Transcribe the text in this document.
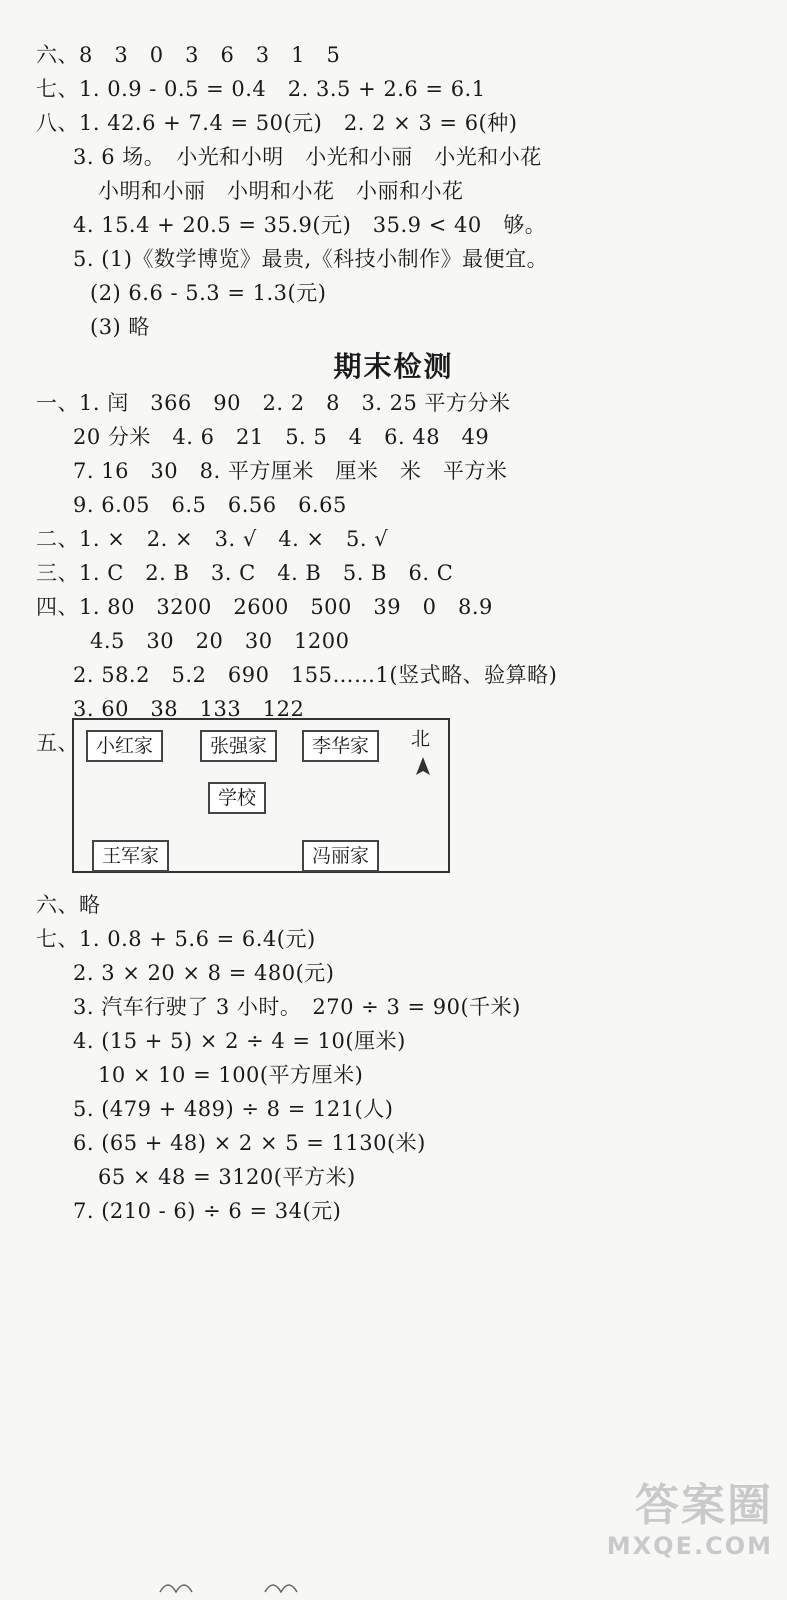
六、8　3　0　3　6　3　1　5
七、1. 0.9 - 0.5 = 0.4　2. 3.5 + 2.6 = 6.1
八、1. 42.6 + 7.4 = 50(元)　2. 2 × 3 = 6(种)
3. 6 场。　小光和小明　小光和小丽　小光和小花
小明和小丽　小明和小花　小丽和小花
4. 15.4 + 20.5 = 35.9(元)　35.9 < 40　够。
5. (1)《数学博览》最贵,《科技小制作》最便宜。
(2) 6.6 - 5.3 = 1.3(元)
(3) 略
期末检测
一、1. 闰　366　90　2. 2　8　3. 25 平方分米
20 分米　4. 6　21　5. 5　4　6. 48　49
7. 16　30　8. 平方厘米　厘米　米　平方米
9. 6.05　6.5　6.56　6.65
二、1. ×　2. ×　3. √　4. ×　5. √
三、1. C　2. B　3. C　4. B　5. B　6. C
四、1. 80　3200　2600　500　39　0　8.9
4.5　30　20　30　1200
2. 58.2　5.2　690　155……1(竖式略、验算略)
3. 60　38　133　122
五、 小红家	张强家	李华家
学校
王军家	冯丽家
北
六、略
七、1. 0.8 + 5.6 = 6.4(元)
2. 3 × 20 × 8 = 480(元)
3. 汽车行驶了 3 小时。　270 ÷ 3 = 90(千米)
4. (15 + 5) × 2 ÷ 4 = 10(厘米)
10 × 10 = 100(平方厘米)
5. (479 + 489) ÷ 8 = 121(人)
6. (65 + 48) × 2 × 5 = 1130(米)
65 × 48 = 3120(平方米)
7. (210 - 6) ÷ 6 = 34(元)
答案圈
MXQE.COM
